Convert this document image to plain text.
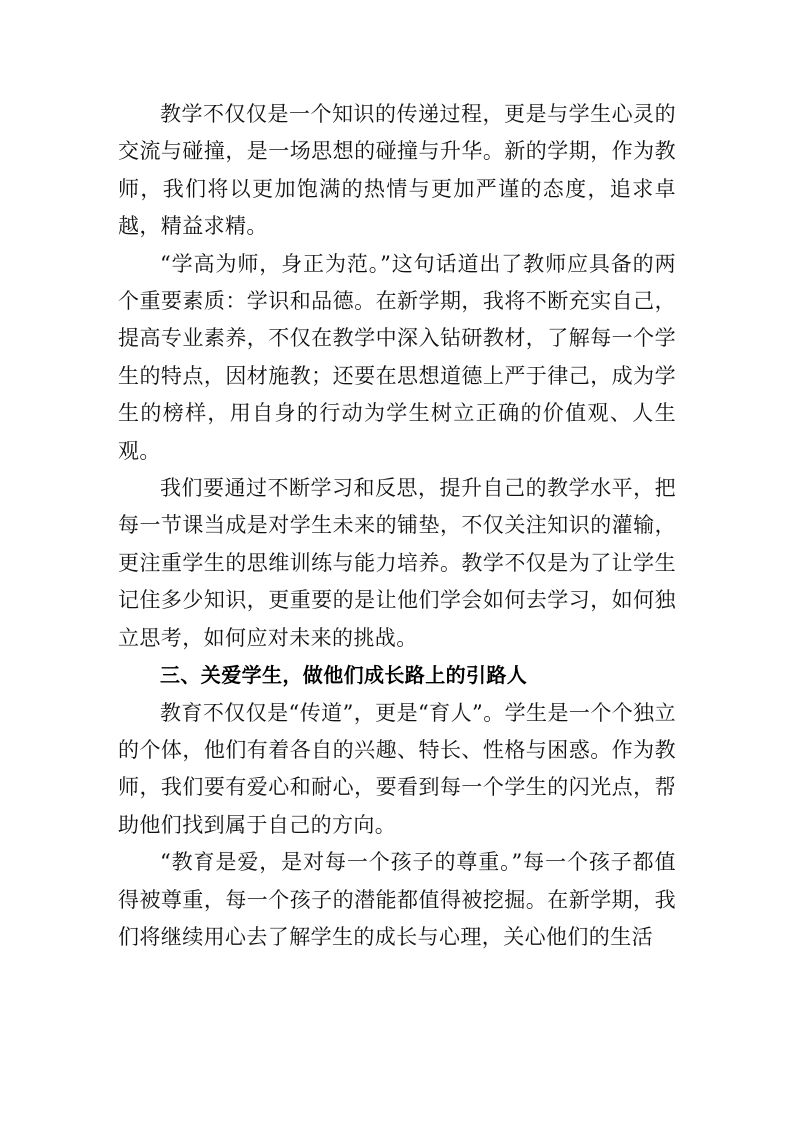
教学不仅仅是一个知识的传递过程，更是与学生心灵的交流与碰撞，是一场思想的碰撞与升华。新的学期，作为教师，我们将以更加饱满的热情与更加严谨的态度，追求卓越，精益求精。

“学高为师，身正为范。”这句话道出了教师应具备的两个重要素质：学识和品德。在新学期，我将不断充实自己，提高专业素养，不仅在教学中深入钻研教材，了解每一个学生的特点，因材施教；还要在思想道德上严于律己，成为学生的榜样，用自身的行动为学生树立正确的价值观、人生观。

我们要通过不断学习和反思，提升自己的教学水平，把每一节课当成是对学生未来的铺垫，不仅关注知识的灌输，更注重学生的思维训练与能力培养。教学不仅是为了让学生记住多少知识，更重要的是让他们学会如何去学习，如何独立思考，如何应对未来的挑战。

三、关爱学生，做他们成长路上的引路人

教育不仅仅是“传道”，更是“育人”。学生是一个个独立的个体，他们有着各自的兴趣、特长、性格与困惑。作为教师，我们要有爱心和耐心，要看到每一个学生的闪光点，帮助他们找到属于自己的方向。

“教育是爱，是对每一个孩子的尊重。”每一个孩子都值得被尊重，每一个孩子的潜能都值得被挖掘。在新学期，我们将继续用心去了解学生的成长与心理，关心他们的生活
